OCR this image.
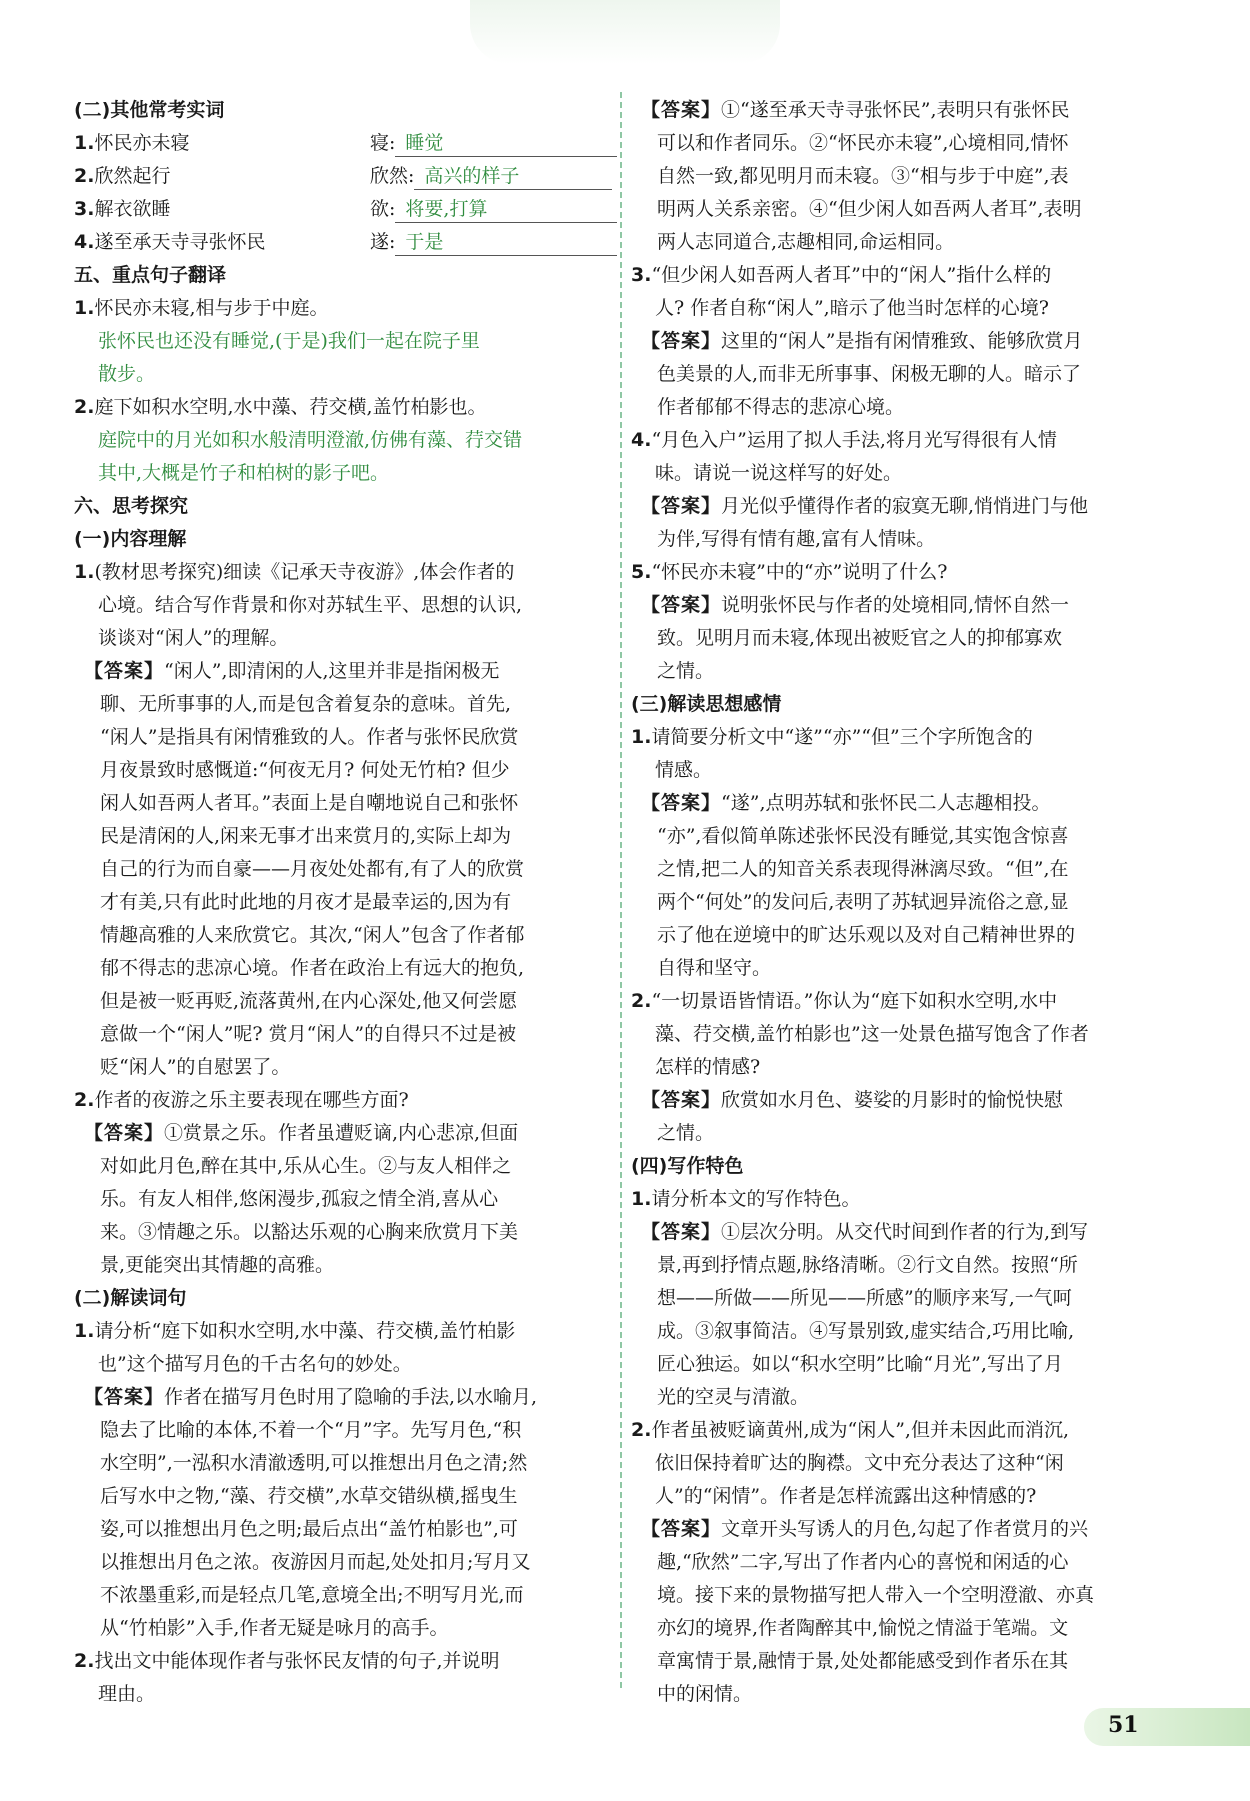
(二)其他常考实词
1.怀民亦未寝	寝: 睡觉
2.欣然起行	欣然: 高兴的样子
3.解衣欲睡	欲: 将要,打算
4.遂至承天寺寻张怀民	遂: 于是
五、重点句子翻译
1.怀民亦未寝,相与步于中庭。
张怀民也还没有睡觉,(于是)我们一起在院子里
散步。
2.庭下如积水空明,水中藻、荇交横,盖竹柏影也。
庭院中的月光如积水般清明澄澈,仿佛有藻、荇交错
其中,大概是竹子和柏树的影子吧。
六、思考探究
(一)内容理解
1.(教材思考探究)细读《记承天寺夜游》,体会作者的
心境。结合写作背景和你对苏轼生平、思想的认识,
谈谈对“闲人”的理解。
【答案】“闲人”,即清闲的人,这里并非是指闲极无
聊、无所事事的人,而是包含着复杂的意味。首先,
“闲人”是指具有闲情雅致的人。作者与张怀民欣赏
月夜景致时感慨道:“何夜无月? 何处无竹柏? 但少
闲人如吾两人者耳。”表面上是自嘲地说自己和张怀
民是清闲的人,闲来无事才出来赏月的,实际上却为
自己的行为而自豪——月夜处处都有,有了人的欣赏
才有美,只有此时此地的月夜才是最幸运的,因为有
情趣高雅的人来欣赏它。其次,“闲人”包含了作者郁
郁不得志的悲凉心境。作者在政治上有远大的抱负,
但是被一贬再贬,流落黄州,在内心深处,他又何尝愿
意做一个“闲人”呢? 赏月“闲人”的自得只不过是被
贬“闲人”的自慰罢了。
2.作者的夜游之乐主要表现在哪些方面?
【答案】①赏景之乐。作者虽遭贬谪,内心悲凉,但面
对如此月色,醉在其中,乐从心生。②与友人相伴之
乐。有友人相伴,悠闲漫步,孤寂之情全消,喜从心
来。③情趣之乐。以豁达乐观的心胸来欣赏月下美
景,更能突出其情趣的高雅。
(二)解读词句
1.请分析“庭下如积水空明,水中藻、荇交横,盖竹柏影
也”这个描写月色的千古名句的妙处。
【答案】作者在描写月色时用了隐喻的手法,以水喻月,
隐去了比喻的本体,不着一个“月”字。先写月色,“积
水空明”,一泓积水清澈透明,可以推想出月色之清;然
后写水中之物,“藻、荇交横”,水草交错纵横,摇曳生
姿,可以推想出月色之明;最后点出“盖竹柏影也”,可
以推想出月色之浓。夜游因月而起,处处扣月;写月又
不浓墨重彩,而是轻点几笔,意境全出;不明写月光,而
从“竹柏影”入手,作者无疑是咏月的高手。
2.找出文中能体现作者与张怀民友情的句子,并说明
理由。
【答案】①“遂至承天寺寻张怀民”,表明只有张怀民
可以和作者同乐。②“怀民亦未寝”,心境相同,情怀
自然一致,都见明月而未寝。③“相与步于中庭”,表
明两人关系亲密。④“但少闲人如吾两人者耳”,表明
两人志同道合,志趣相同,命运相同。
3.“但少闲人如吾两人者耳”中的“闲人”指什么样的
人? 作者自称“闲人”,暗示了他当时怎样的心境?
【答案】这里的“闲人”是指有闲情雅致、能够欣赏月
色美景的人,而非无所事事、闲极无聊的人。暗示了
作者郁郁不得志的悲凉心境。
4.“月色入户”运用了拟人手法,将月光写得很有人情
味。请说一说这样写的好处。
【答案】月光似乎懂得作者的寂寞无聊,悄悄进门与他
为伴,写得有情有趣,富有人情味。
5.“怀民亦未寝”中的“亦”说明了什么?
【答案】说明张怀民与作者的处境相同,情怀自然一
致。见明月而未寝,体现出被贬官之人的抑郁寡欢
之情。
(三)解读思想感情
1.请简要分析文中“遂”“亦”“但”三个字所饱含的
情感。
【答案】“遂”,点明苏轼和张怀民二人志趣相投。
“亦”,看似简单陈述张怀民没有睡觉,其实饱含惊喜
之情,把二人的知音关系表现得淋漓尽致。“但”,在
两个“何处”的发问后,表明了苏轼迥异流俗之意,显
示了他在逆境中的旷达乐观以及对自己精神世界的
自得和坚守。
2.“一切景语皆情语。”你认为“庭下如积水空明,水中
藻、荇交横,盖竹柏影也”这一处景色描写饱含了作者
怎样的情感?
【答案】欣赏如水月色、婆娑的月影时的愉悦快慰
之情。
(四)写作特色
1.请分析本文的写作特色。
【答案】①层次分明。从交代时间到作者的行为,到写
景,再到抒情点题,脉络清晰。②行文自然。按照“所
想——所做——所见——所感”的顺序来写,一气呵
成。③叙事简洁。④写景别致,虚实结合,巧用比喻,
匠心独运。如以“积水空明”比喻“月光”,写出了月
光的空灵与清澈。
2.作者虽被贬谪黄州,成为“闲人”,但并未因此而消沉,
依旧保持着旷达的胸襟。文中充分表达了这种“闲
人”的“闲情”。作者是怎样流露出这种情感的?
【答案】文章开头写诱人的月色,勾起了作者赏月的兴
趣,“欣然”二字,写出了作者内心的喜悦和闲适的心
境。接下来的景物描写把人带入一个空明澄澈、亦真
亦幻的境界,作者陶醉其中,愉悦之情溢于笔端。文
章寓情于景,融情于景,处处都能感受到作者乐在其
中的闲情。
51
